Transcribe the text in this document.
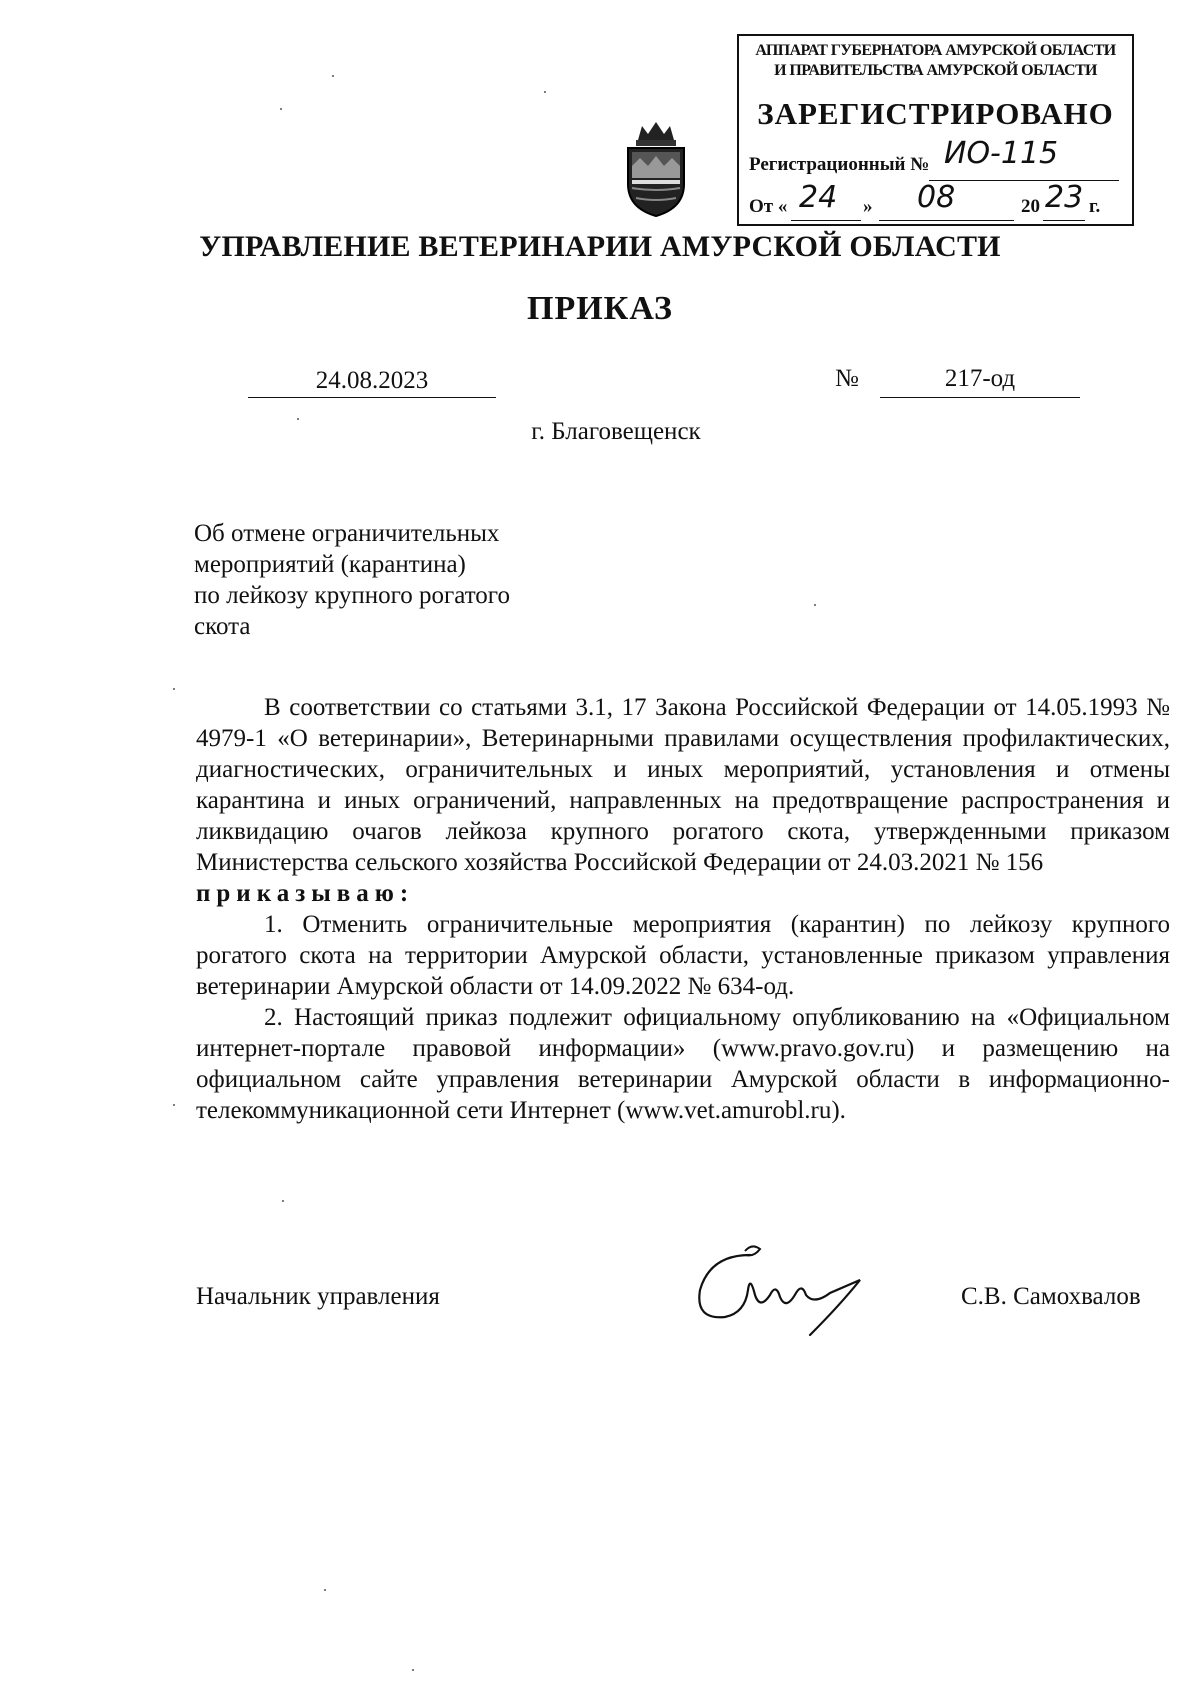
АППАРАТ ГУБЕРНАТОРА АМУРСКОЙ ОБЛАСТИ
И ПРАВИТЕЛЬСТВА АМУРСКОЙ ОБЛАСТИ
ЗАРЕГИСТРИРОВАНО
Регистрационный № ИО-115
От « 24 » 08	20 23 г.
УПРАВЛЕНИЕ ВЕТЕРИНАРИИ АМУРСКОЙ ОБЛАСТИ
ПРИКАЗ
24.08.2023	№	217-од
г. Благовещенск
Об отмене ограничительных
мероприятий (карантина)
по лейкозу крупного рогатого
скота

В соответствии со статьями 3.1, 17 Закона Российской Федерации от 14.05.1993 № 4979-1 «О ветеринарии», Ветеринарными правилами осуществления профилактических, диагностических, ограничительных и иных мероприятий, установления и отмены карантина и иных ограничений, направленных на предотвращение распространения и ликвидацию очагов лейкоза крупного рогатого скота, утвержденными приказом Министерства сельского хозяйства Российской Федерации от 24.03.2021 № 156

приказываю:

1. Отменить ограничительные мероприятия (карантин) по лейкозу крупного рогатого скота на территории Амурской области, установленные приказом управления ветеринарии Амурской области от 14.09.2022 № 634-од.

2. Настоящий приказ подлежит официальному опубликованию на «Официальном интернет-портале правовой информации» (www.pravo.gov.ru) и размещению на официальном сайте управления ветеринарии Амурской области в информационно-телекоммуникационной сети Интернет (www.vet.amurobl.ru).

Начальник управления	С.В. Самохвалов
